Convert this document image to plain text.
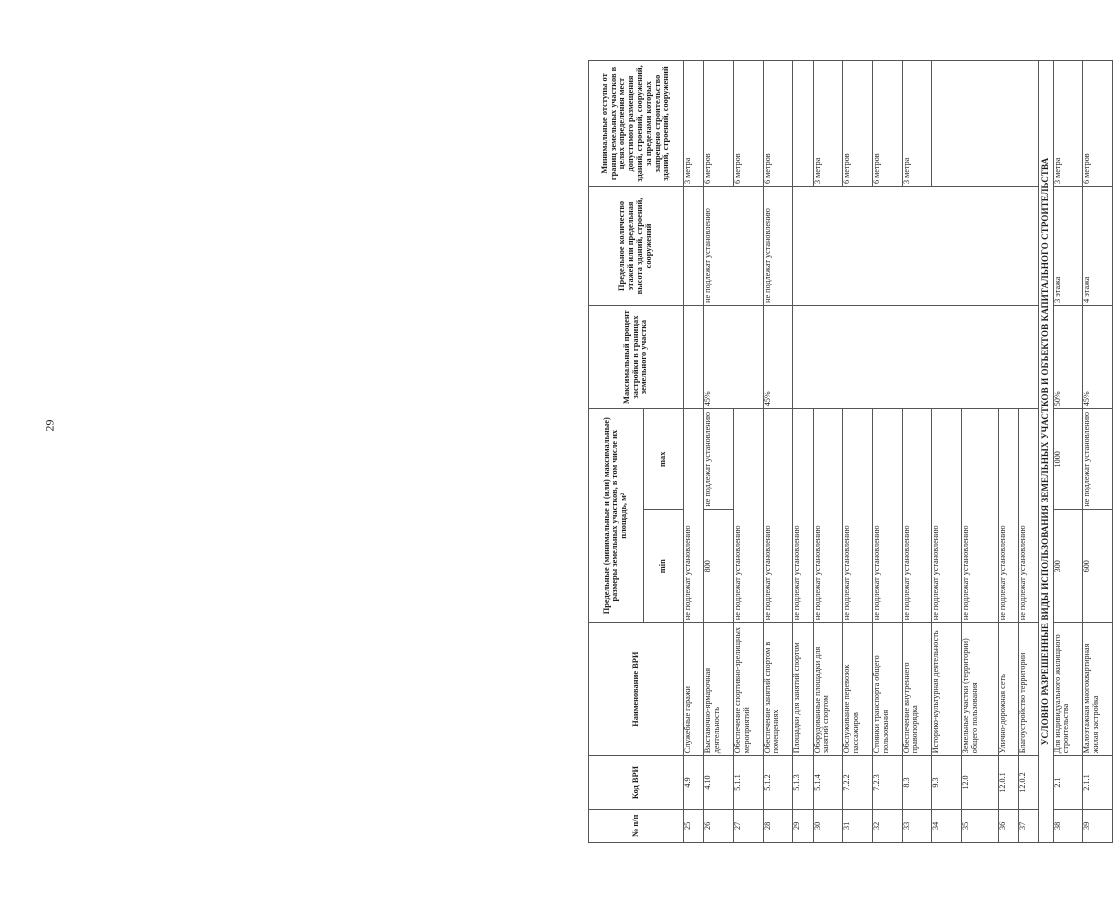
29
№ п/п	Код ВРИ	Наименование ВРИ	Предельные (минимальные и (или) максимальные) размеры земельных участков, в том числе их площадь, м²		Максимальный процент застройки в границах земельного участка	Предельное количество этажей или предельная высота зданий, строений, сооружений	Минимальные отступы от границ земельных участков в целях определения мест допустимого размещения зданий, строений, сооружений, за пределами которых запрещено строительство зданий, строений, сооружений
			min	max			
25	4.9	Служебные гаражи	не подлежат установлению				3 метра
26	4.10	Выставочно-ярмарочная деятельность	800	не подлежат установлению	45%	не подлежат установлению	6 метров
27	5.1.1	Обеспечение спортивно-зрелищных мероприятий	не подлежат установлению				6 метров
28	5.1.2	Обеспечение занятий спортом в помещениях	не подлежат установлению		45%	не подлежат установлению	6 метров
29	5.1.3	Площадки для занятий спортом	не подлежат установлению				
30	5.1.4	Оборудованные площадки для занятий спортом	не подлежат установлению				3 метра
31	7.2.2	Обслуживание перевозок пассажиров	не подлежат установлению				6 метров
32	7.2.3	Стоянки транспорта общего пользования	не подлежат установлению				6 метров
33	8.3	Обеспечение внутреннего правопорядка	не подлежат установлению				3 метра
34	9.3	Историко-культурная деятельность	не подлежат установлению				
35	12.0	Земельные участки (территории) общего пользования	не подлежат установлению				
36	12.0.1	Улично-дорожная сеть	не подлежат установлению				
37	12.0.2	Благоустройство территории	не подлежат установлению				
УСЛОВНО РАЗРЕШЕННЫЕ ВИДЫ ИСПОЛЬЗОВАНИЯ ЗЕМЕЛЬНЫХ УЧАСТКОВ И ОБЪЕКТОВ КАПИТАЛЬНОГО СТРОИТЕЛЬСТВА							
38	2.1	Для индивидуального жилищного строительства	300	1000	50%	3 этажа	3 метра
39	2.1.1	Малоэтажная многоквартирная жилая застройка	600	не подлежат установлению	45%	4 этажа	6 метров
